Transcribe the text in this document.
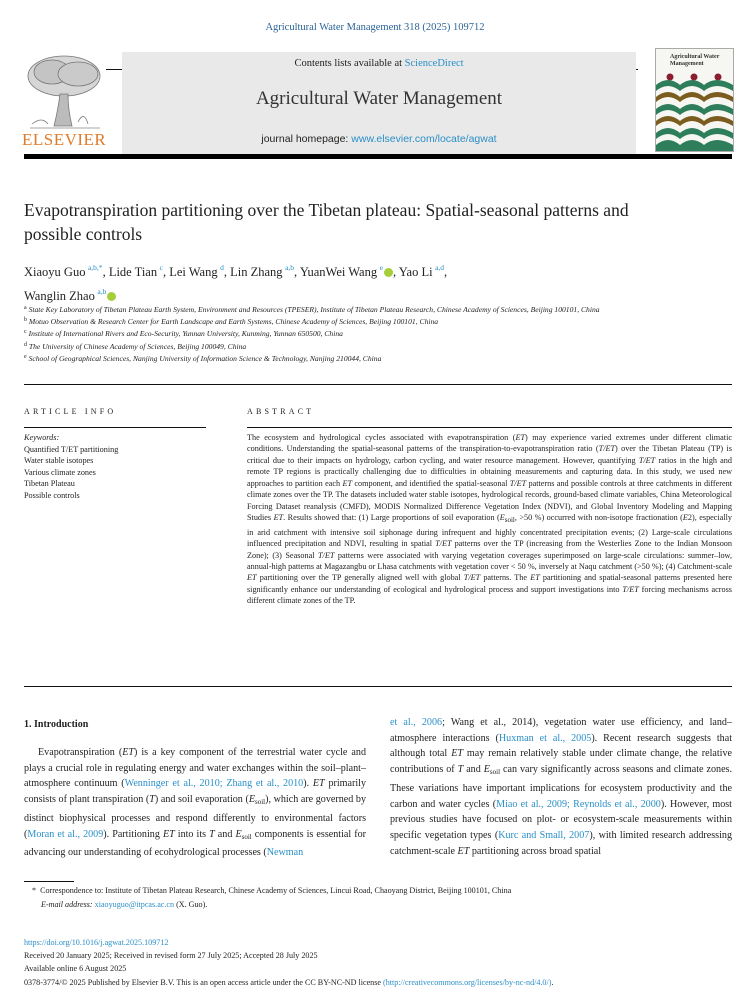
Agricultural Water Management 318 (2025) 109712
ELSEVIER
Contents lists available at ScienceDirect
Agricultural Water Management
journal homepage: www.elsevier.com/locate/agwat
Agricultural Water Management
Evapotranspiration partitioning over the Tibetan plateau: Spatial-seasonal patterns and possible controls
Xiaoyu Guo  $^{a,b,*}$, Lide Tian  $^c$, Lei Wang  $^d$, Lin Zhang  $^{a,b}$, YuanWei Wang  $^e$ , Yao Li  $^{a,d}$,
Wanglin Zhao  $^{a,b}$
$^a$ State Key Laboratory of Tibetan Plateau Earth System, Environment and Resources (TPESER), Institute of Tibetan Plateau Research, Chinese Academy of Sciences, Beijing 100101, China
$^b$ Motuo Observation & Research Center for Earth Landscape and Earth Systems, Chinese Academy of Sciences, Beijing 100101, China
$^c$ Institute of International Rivers and Eco-Security, Yunnan University, Kunming, Yunnan 650500, China
$^d$ The University of Chinese Academy of Sciences, Beijing 100049, China
$^e$ School of Geographical Sciences, Nanjing University of Information Science & Technology, Nanjing 210044, China
ARTICLE INFO	ABSTRACT
Keywords:
Quantified T/ET partitioning
Water stable isotopes
Various climate zones
Tibetan Plateau
Possible controls
The ecosystem and hydrological cycles associated with evapotranspiration (ET) may experience varied extremes under different climatic conditions. Understanding the spatial-seasonal patterns of the transpiration-to-evapotranspiration ratio (T/ET) over the Tibetan Plateau (TP) is critical due to their impacts on hydrology, carbon cycling, and water resource management. However, quantifying T/ET ratios in the high and remote TP regions is practically challenging due to difficulties in obtaining measurements and capturing data. In this study, we used new approaches to partition each ET component, and identified the spatial-seasonal T/ET patterns and possible controls at three catchments in different climate zones over the TP. The datasets included water stable isotopes, hydrological records, ground-based climate variables, China Meteorological Forcing Dataset reanalysis (CMFD), MODIS Normalized Difference Vegetation Index (NDVI), and Global Inventory Modeling and Mapping Studies ET. Results showed that: (1) Large proportions of soil evaporation ($E_{soil}$, >50 %) occurred with non-isotope fractionation (E2), especially in arid catchment with intensive soil siphonage during infrequent and highly concentrated precipitation events; (2) Large-scale circulations influenced precipitation and NDVI, resulting in spatial T/ET patterns over the TP (increasing from the Westerlies Zone to the Indian Monsoon Zone); (3) Seasonal T/ET patterns were associated with varying vegetation coverages superimposed on large-scale circulations: summer–low, annual-high patterns at Magazangbu or Lhasa catchments with vegetation cover < 50 %, inversely at Naqu catchment (>50 %); (4) Catchment-scale ET partitioning over the TP generally aligned well with global T/ET patterns. The ET partitioning and spatial-seasonal patterns presented here significantly enhance our understanding of ecological and hydrological process and support investigations into T/ET forcing mechanisms across different climate zones of the TP.
1. Introduction
Evapotranspiration (ET) is a key component of the terrestrial water cycle and plays a crucial role in regulating energy and water exchanges within the soil–plant–atmosphere continuum (Wenninger et al., 2010; Zhang et al., 2010). ET primarily consists of plant transpiration (T) and soil evaporation $(E_{soil})$, which are governed by distinct biophysical processes and respond differently to environmental factors (Moran et al., 2009). Partitioning ET into its T and $E_{soil}$ components is essential for advancing our understanding of ecohydrological processes (Newman
et al., 2006; Wang et al., 2014), vegetation water use efficiency, and land–atmosphere interactions (Huxman et al., 2005). Recent research suggests that although total ET may remain relatively stable under climate change, the relative contributions of T and $E_{soil}$ can vary significantly across seasons and climate zones. These variations have important implications for ecosystem productivity and the carbon and water cycles (Miao et al., 2009; Reynolds et al., 2000). However, most previous studies have focused on plot- or ecosystem-scale measurements within specific vegetation types (Kurc and Small, 2007), with limited research addressing catchment-scale ET partitioning across broad spatial
* Correspondence to: Institute of Tibetan Plateau Research, Chinese Academy of Sciences, Lincui Road, Chaoyang District, Beijing 100101, China
E-mail address: xiaoyuguo@itpcas.ac.cn (X. Guo).
https://doi.org/10.1016/j.agwat.2025.109712
Received 20 January 2025; Received in revised form 27 July 2025; Accepted 28 July 2025
Available online 6 August 2025
0378-3774/© 2025 Published by Elsevier B.V. This is an open access article under the CC BY-NC-ND license (http://creativecommons.org/licenses/by-nc-nd/4.0/).
